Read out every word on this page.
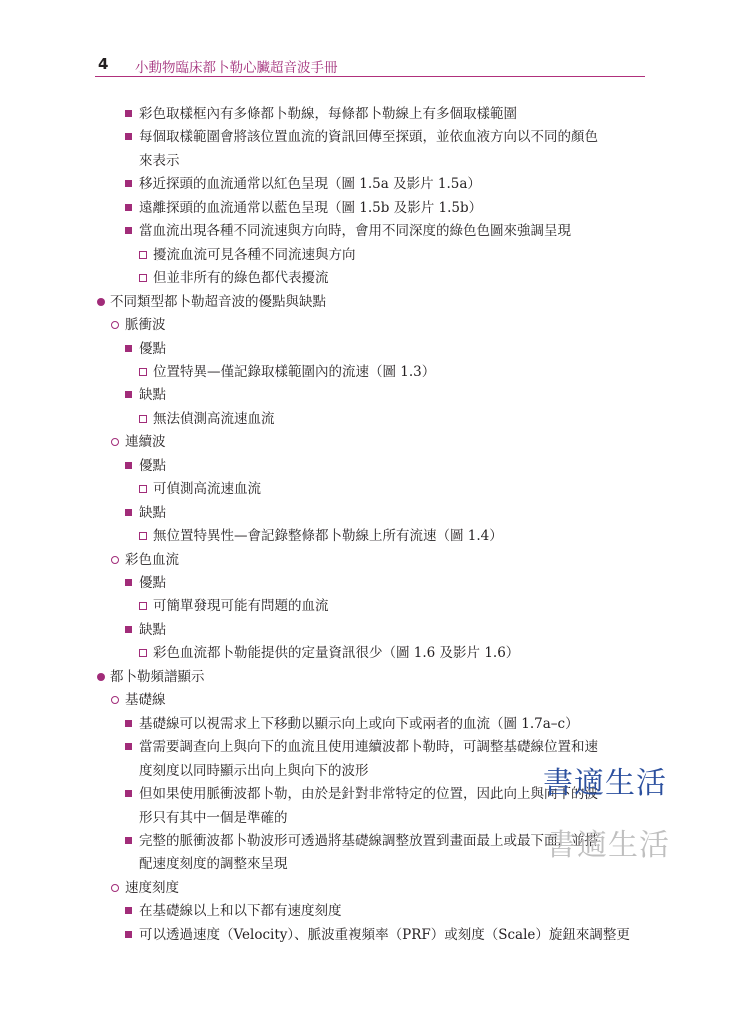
4 小動物臨床都卜勒心臟超音波手冊
彩色取樣框內有多條都卜勒線，每條都卜勒線上有多個取樣範圍
每個取樣範圍會將該位置血流的資訊回傳至探頭，並依血液方向以不同的顏色
來表示
移近探頭的血流通常以紅色呈現（圖 1.5a 及影片 1.5a）
遠離探頭的血流通常以藍色呈現（圖 1.5b 及影片 1.5b）
當血流出現各種不同流速與方向時，會用不同深度的綠色色圖來強調呈現
擾流血流可見各種不同流速與方向
但並非所有的綠色都代表擾流
不同類型都卜勒超音波的優點與缺點
脈衝波
優點
位置特異—僅記錄取樣範圍內的流速（圖 1.3）
缺點
無法偵測高流速血流
連續波
優點
可偵測高流速血流
缺點
無位置特異性—會記錄整條都卜勒線上所有流速（圖 1.4）
彩色血流
優點
可簡單發現可能有問題的血流
缺點
彩色血流都卜勒能提供的定量資訊很少（圖 1.6 及影片 1.6）
都卜勒頻譜顯示
基礎線
基礎線可以視需求上下移動以顯示向上或向下或兩者的血流（圖 1.7a–c）
當需要調查向上與向下的血流且使用連續波都卜勒時，可調整基礎線位置和速
度刻度以同時顯示出向上與向下的波形
但如果使用脈衝波都卜勒，由於是針對非常特定的位置，因此向上與向下的波
形只有其中一個是準確的
完整的脈衝波都卜勒波形可透過將基礎線調整放置到畫面最上或最下面，並搭
配速度刻度的調整來呈現
速度刻度
在基礎線以上和以下都有速度刻度
可以透過速度（Velocity）、脈波重複頻率（PRF）或刻度（Scale）旋鈕來調整更
書適生活
書適生活
